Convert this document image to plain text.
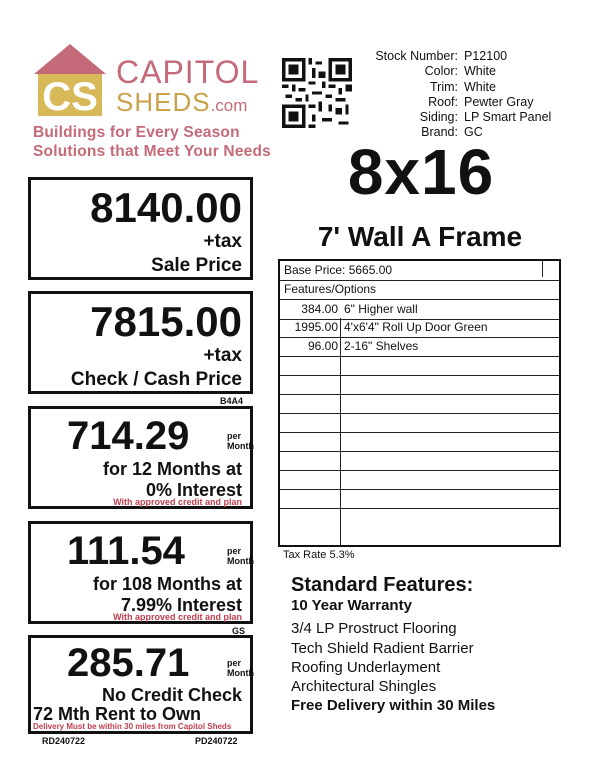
CS
CAPITOL
SHEDS.com
Buildings for Every Season
Solutions that Meet Your Needs
Stock Number: P12100
Color: White
Trim: White
Roof: Pewter Gray
Siding: LP Smart Panel
Brand: GC
8x16
7' Wall A Frame
8140.00
+tax
Sale Price
7815.00
+tax
Check / Cash Price
B4A4
714.29	per
Month
for 12 Months at
0% Interest
With approved credit and plan
111.54	per
Month
for 108 Months at
7.99% Interest
With approved credit and plan
GS
285.71	per
Month
No Credit Check
72 Mth Rent to Own
Delivery Must be within 30 miles from Capitol Sheds
RD240722	PD240722
Base Price: 5665.00
Features/Options
384.00 6" Higher wall
1995.00 4'x6'4" Roll Up Door Green
96.00 2-16" Shelves
Tax Rate 5.3%
Standard Features:
10 Year Warranty
3/4 LP Prostruct Flooring
Tech Shield Radient Barrier
Roofing Underlayment
Architectural Shingles
Free Delivery within 30 Miles
